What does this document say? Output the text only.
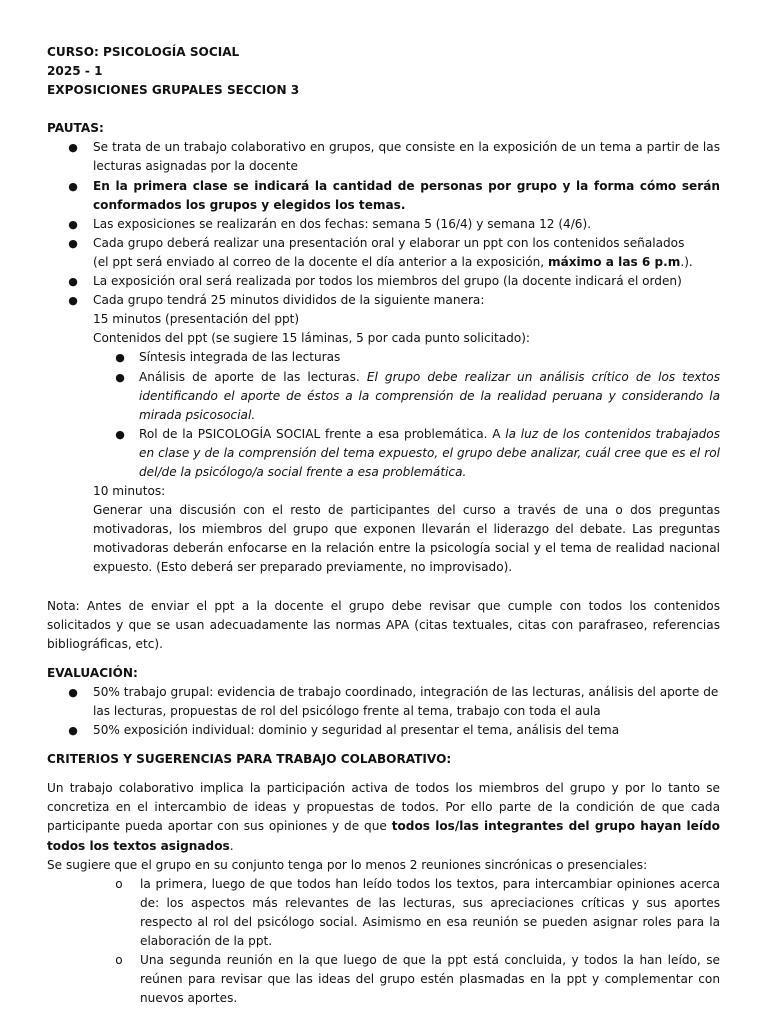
CURSO: PSICOLOGÍA SOCIAL

2025 - 1

EXPOSICIONES GRUPALES SECCION 3

PAUTAS:

● Se trata de un trabajo colaborativo en grupos, que consiste en la exposición de un tema a partir de las lecturas asignadas por la docente
● En la primera clase se indicará la cantidad de personas por grupo y la forma cómo serán conformados los grupos y elegidos los temas.
● Las exposiciones se realizarán en dos fechas: semana 5 (16/4) y semana 12 (4/6).
● Cada grupo deberá realizar una presentación oral y elaborar un ppt con los contenidos señalados
(el ppt será enviado al correo de la docente el día anterior a la exposición, máximo a las 6 p.m.).
● La exposición oral será realizada por todos los miembros del grupo (la docente indicará el orden)
● Cada grupo tendrá 25 minutos divididos de la siguiente manera:

15 minutos (presentación del ppt)

Contenidos del ppt (se sugiere 15 láminas, 5 por cada punto solicitado):

● Síntesis integrada de las lecturas
● Análisis de aporte de las lecturas. El grupo debe realizar un análisis crítico de los textos identificando el aporte de éstos a la comprensión de la realidad peruana y considerando la mirada psicosocial.
● Rol de la PSICOLOGÍA SOCIAL frente a esa problemática. A la luz de los contenidos trabajados en clase y de la comprensión del tema expuesto, el grupo debe analizar, cuál cree que es el rol del/de la psicólogo/a social frente a esa problemática.

10 minutos:

Generar una discusión con el resto de participantes del curso a través de una o dos preguntas motivadoras, los miembros del grupo que exponen llevarán el liderazgo del debate. Las preguntas motivadoras deberán enfocarse en la relación entre la psicología social y el tema de realidad nacional expuesto. (Esto deberá ser preparado previamente, no improvisado).

Nota: Antes de enviar el ppt a la docente el grupo debe revisar que cumple con todos los contenidos solicitados y que se usan adecuadamente las normas APA (citas textuales, citas con parafraseo, referencias bibliográficas, etc).

EVALUACIÓN:

● 50% trabajo grupal: evidencia de trabajo coordinado, integración de las lecturas, análisis del aporte de las lecturas, propuestas de rol del psicólogo frente al tema, trabajo con toda el aula
● 50% exposición individual: dominio y seguridad al presentar el tema, análisis del tema

CRITERIOS Y SUGERENCIAS PARA TRABAJO COLABORATIVO:

Un trabajo colaborativo implica la participación activa de todos los miembros del grupo y por lo tanto se concretiza en el intercambio de ideas y propuestas de todos. Por ello parte de la condición de que cada participante pueda aportar con sus opiniones y de que todos los/las integrantes del grupo hayan leído todos los textos asignados.

Se sugiere que el grupo en su conjunto tenga por lo menos 2 reuniones sincrónicas o presenciales:

o la primera, luego de que todos han leído todos los textos, para intercambiar opiniones acerca de: los aspectos más relevantes de las lecturas, sus apreciaciones críticas y sus aportes respecto al rol del psicólogo social. Asimismo en esa reunión se pueden asignar roles para la elaboración de la ppt.
o Una segunda reunión en la que luego de que la ppt está concluida, y todos la han leído, se reúnen para revisar que las ideas del grupo estén plasmadas en la ppt y complementar con nuevos aportes.
